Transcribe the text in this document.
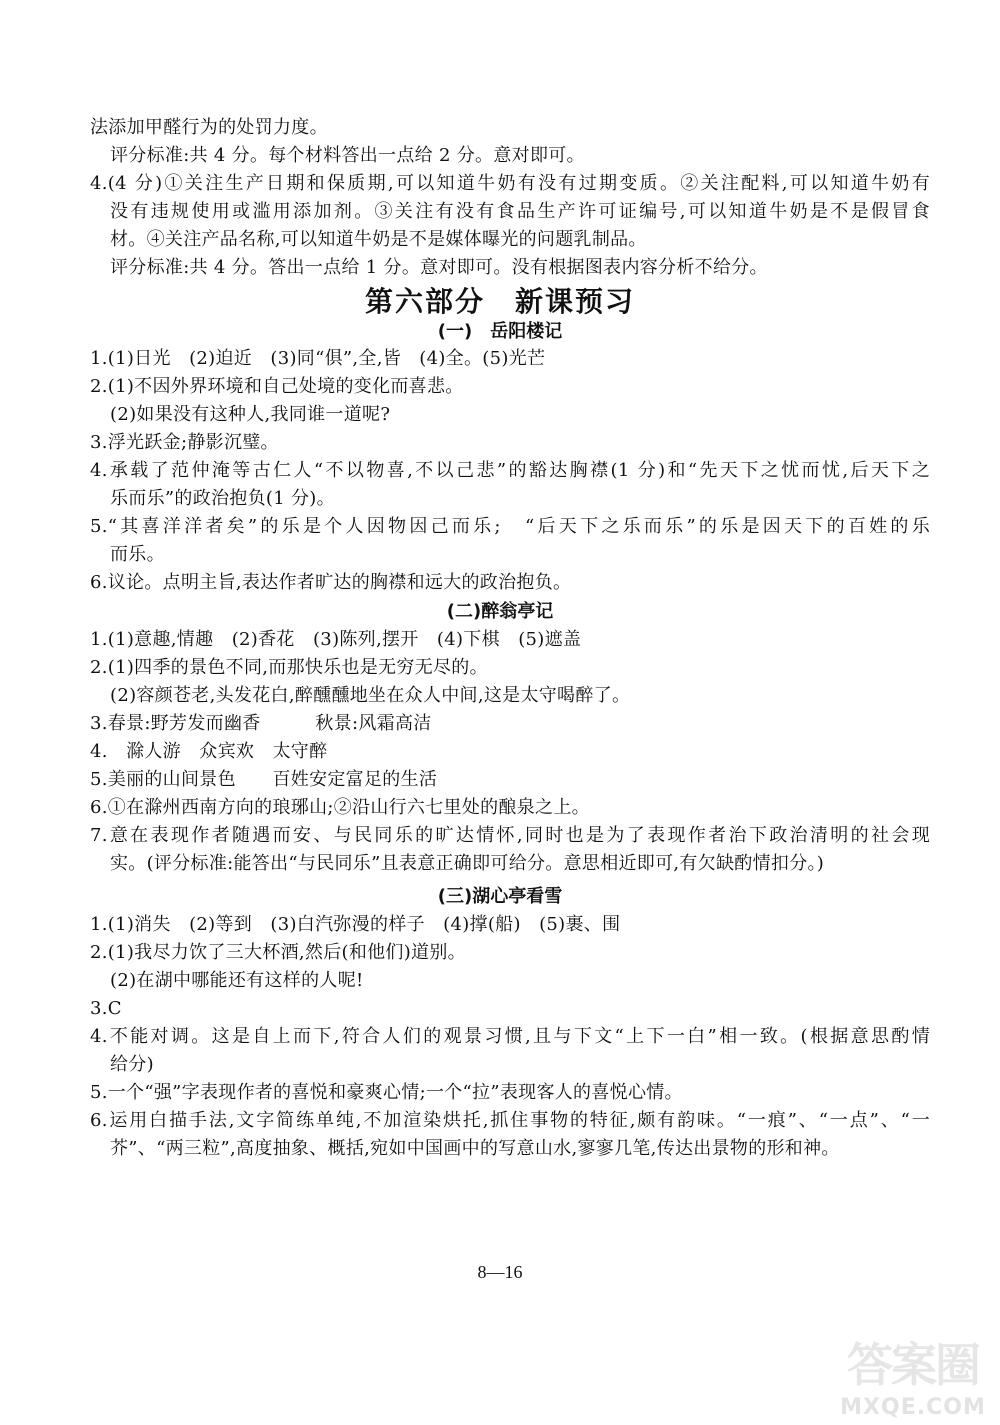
法添加甲醛行为的处罚力度。
评分标准:共 4 分。每个材料答出一点给 2 分。意对即可。
4.(4 分)①关注生产日期和保质期,可以知道牛奶有没有过期变质。②关注配料,可以知道牛奶有
没有违规使用或滥用添加剂。③关注有没有食品生产许可证编号,可以知道牛奶是不是假冒食
材。④关注产品名称,可以知道牛奶是不是媒体曝光的问题乳制品。
评分标准:共 4 分。答出一点给 1 分。意对即可。没有根据图表内容分析不给分。
第六部分　新课预习
(一)　岳阳楼记
1.(1)日光　(2)迫近　(3)同“俱”,全,皆　(4)全。(5)光芒
2.(1)不因外界环境和自己处境的变化而喜悲。
(2)如果没有这种人,我同谁一道呢?
3.浮光跃金;静影沉璧。
4.承载了范仲淹等古仁人“不以物喜,不以己悲”的豁达胸襟(1 分)和“先天下之忧而忧,后天下之
乐而乐”的政治抱负(1 分)。
5.“其喜洋洋者矣”的乐是个人因物因己而乐;　“后天下之乐而乐”的乐是因天下的百姓的乐
而乐。
6.议论。点明主旨,表达作者旷达的胸襟和远大的政治抱负。
(二)醉翁亭记
1.(1)意趣,情趣　(2)香花　(3)陈列,摆开　(4)下棋　(5)遮盖
2.(1)四季的景色不同,而那快乐也是无穷无尽的。
(2)容颜苍老,头发花白,醉醺醺地坐在众人中间,这是太守喝醉了。
3.春景:野芳发而幽香　　　秋景:风霜高洁
4.　滁人游　众宾欢　太守醉
5.美丽的山间景色　　百姓安定富足的生活
6.①在滁州西南方向的琅琊山;②沿山行六七里处的酿泉之上。
7.意在表现作者随遇而安、与民同乐的旷达情怀,同时也是为了表现作者治下政治清明的社会现
实。(评分标准:能答出“与民同乐”且表意正确即可给分。意思相近即可,有欠缺酌情扣分。)
(三)湖心亭看雪
1.(1)消失　(2)等到　(3)白汽弥漫的样子　(4)撑(船)　(5)裹、围
2.(1)我尽力饮了三大杯酒,然后(和他们)道别。
(2)在湖中哪能还有这样的人呢!
3.C
4.不能对调。这是自上而下,符合人们的观景习惯,且与下文“上下一白”相一致。(根据意思酌情
给分)
5.一个“强”字表现作者的喜悦和豪爽心情;一个“拉”表现客人的喜悦心情。
6.运用白描手法,文字简练单纯,不加渲染烘托,抓住事物的特征,颇有韵味。“一痕”、“一点”、“一
芥”、“两三粒”,高度抽象、概括,宛如中国画中的写意山水,寥寥几笔,传达出景物的形和神。
8—16
答案圈
MXQE.COM
